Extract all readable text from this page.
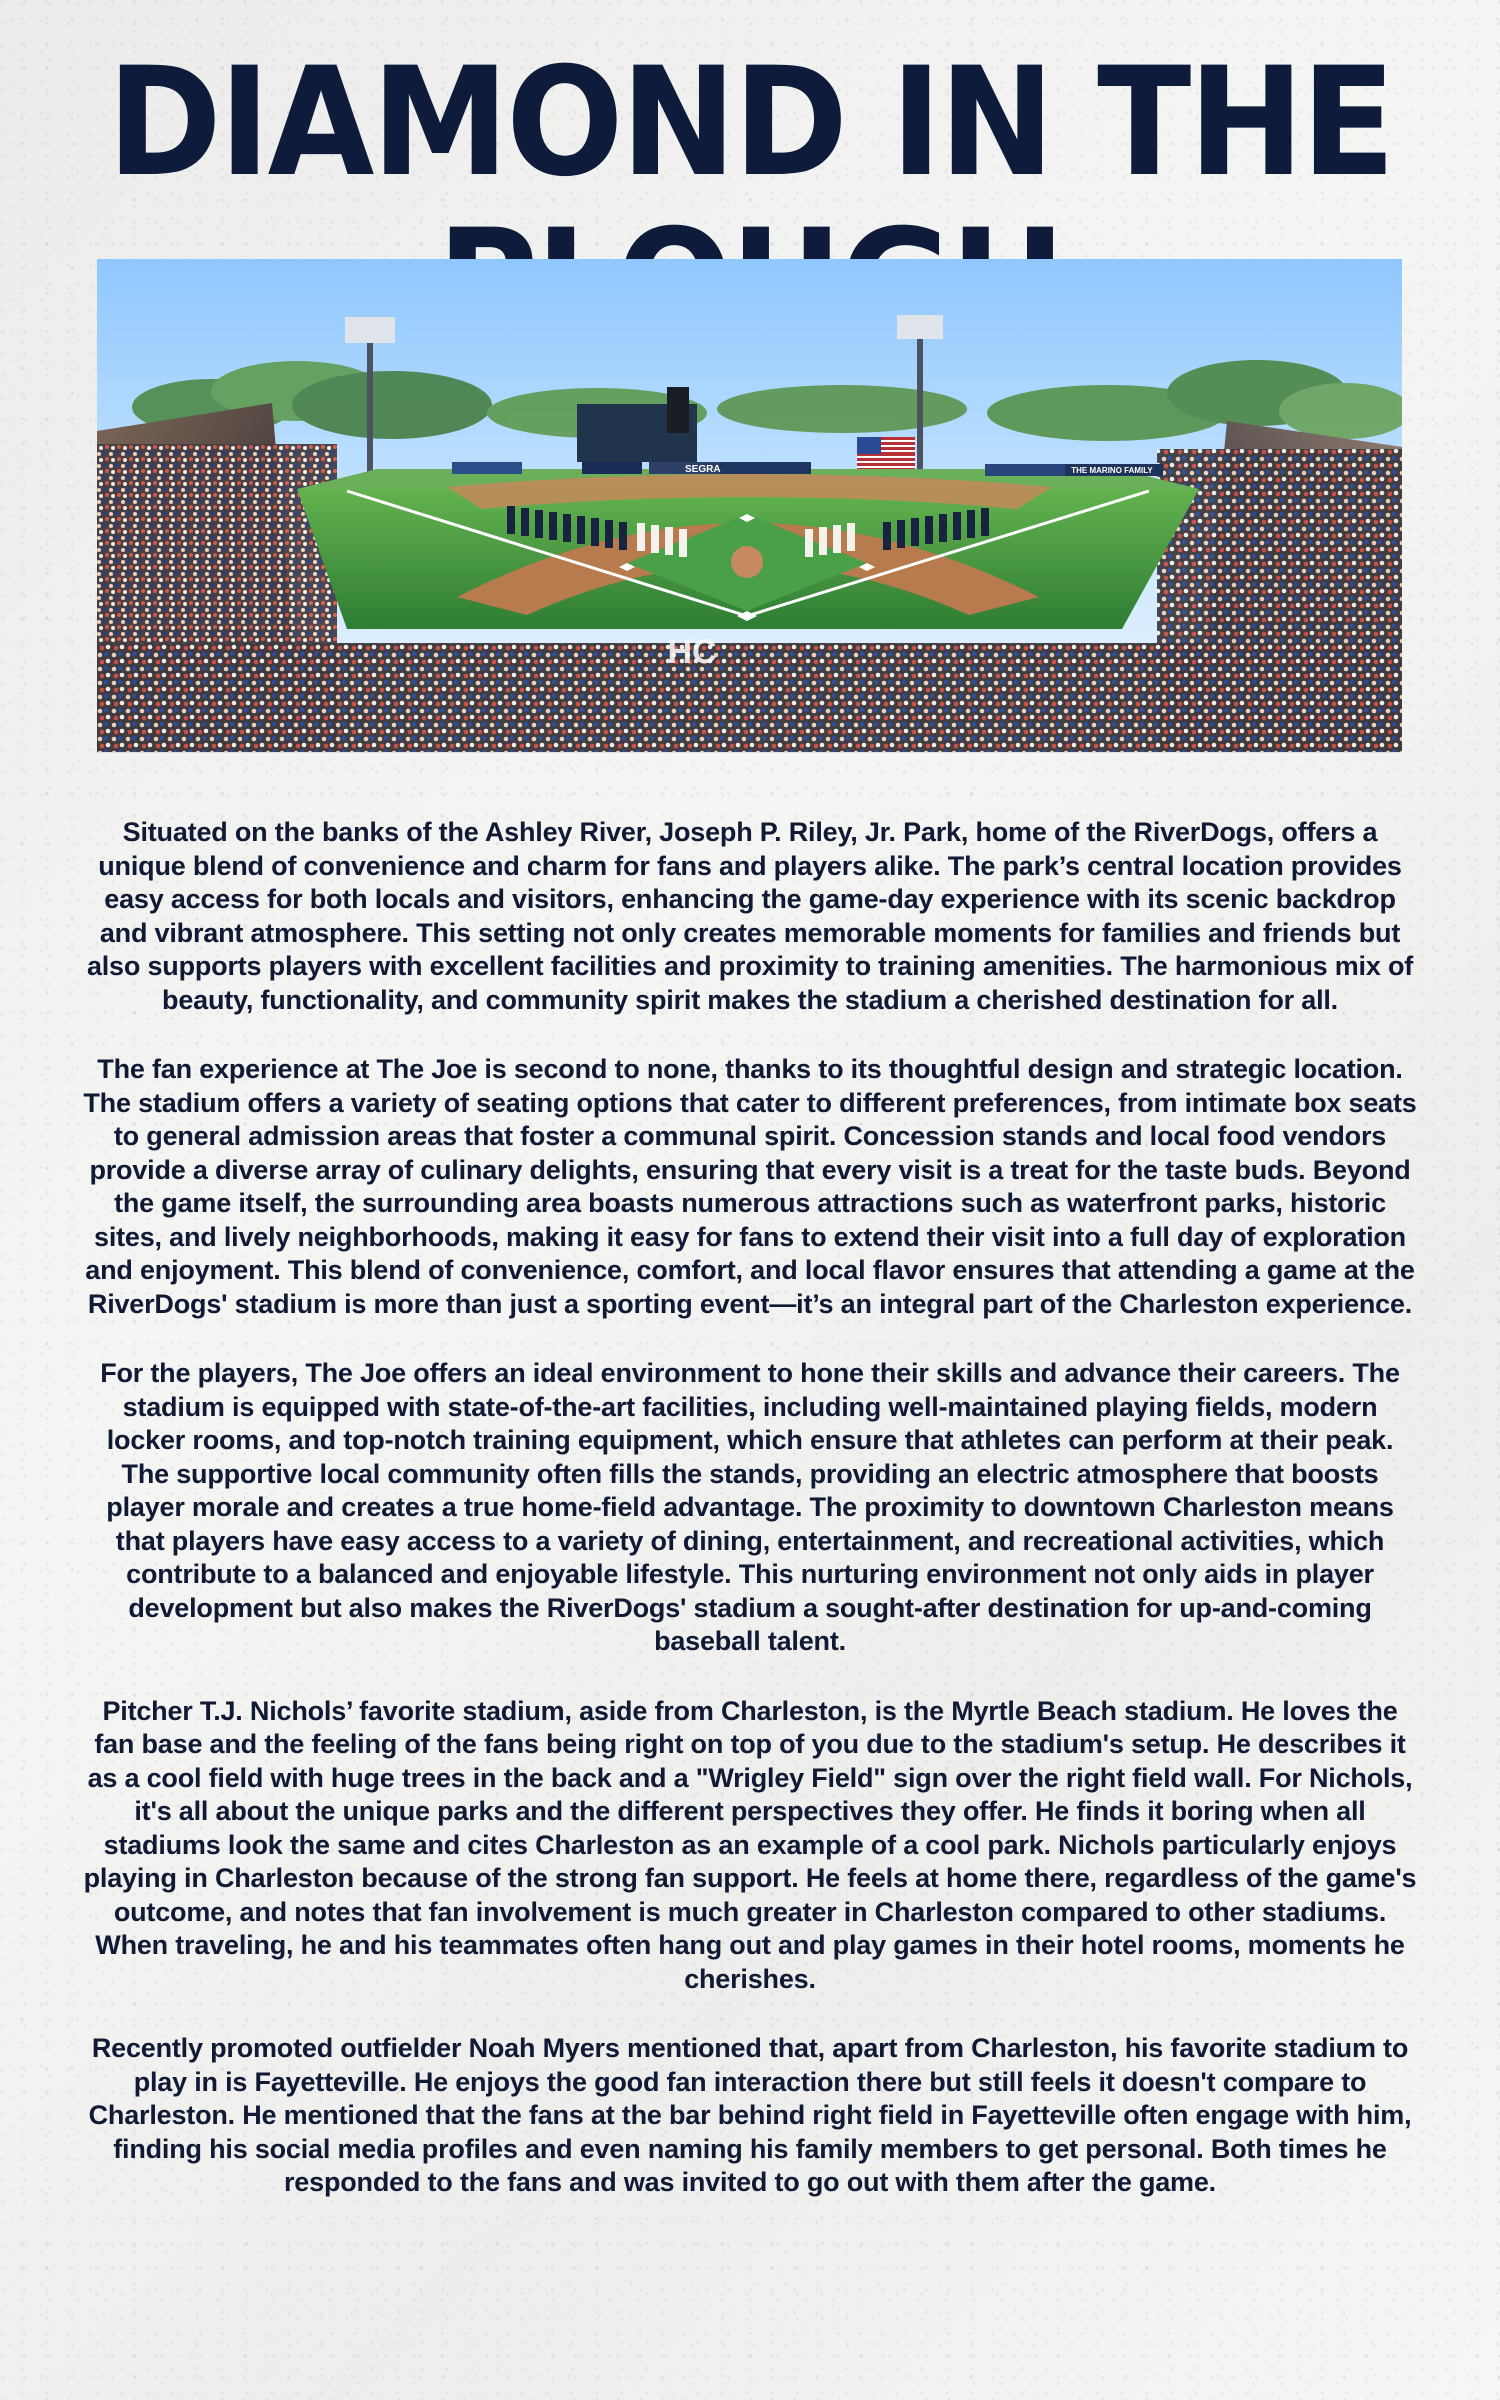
DIAMOND IN THE
SEGRA	THE MARINO FAMILY
HC

Situated on the banks of the Ashley River, Joseph P. Riley, Jr. Park, home of the RiverDogs, offers a unique blend of convenience and charm for fans and players alike. The park’s central location provides easy access for both locals and visitors, enhancing the game-day experience with its scenic backdrop and vibrant atmosphere. This setting not only creates memorable moments for families and friends but also supports players with excellent facilities and proximity to training amenities. The harmonious mix of beauty, functionality, and community spirit makes the stadium a cherished destination for all.

The fan experience at The Joe is second to none, thanks to its thoughtful design and strategic location. The stadium offers a variety of seating options that cater to different preferences, from intimate box seats to general admission areas that foster a communal spirit. Concession stands and local food vendors provide a diverse array of culinary delights, ensuring that every visit is a treat for the taste buds. Beyond the game itself, the surrounding area boasts numerous attractions such as waterfront parks, historic sites, and lively neighborhoods, making it easy for fans to extend their visit into a full day of exploration and enjoyment. This blend of convenience, comfort, and local flavor ensures that attending a game at the RiverDogs' stadium is more than just a sporting event—it’s an integral part of the Charleston experience.

For the players, The Joe offers an ideal environment to hone their skills and advance their careers. The stadium is equipped with state-of-the-art facilities, including well-maintained playing fields, modern locker rooms, and top-notch training equipment, which ensure that athletes can perform at their peak. The supportive local community often fills the stands, providing an electric atmosphere that boosts player morale and creates a true home-field advantage. The proximity to downtown Charleston means that players have easy access to a variety of dining, entertainment, and recreational activities, which contribute to a balanced and enjoyable lifestyle. This nurturing environment not only aids in player development but also makes the RiverDogs' stadium a sought-after destination for up-and-coming baseball talent.

Pitcher T.J. Nichols’ favorite stadium, aside from Charleston, is the Myrtle Beach stadium. He loves the fan base and the feeling of the fans being right on top of you due to the stadium's setup. He describes it as a cool field with huge trees in the back and a "Wrigley Field" sign over the right field wall. For Nichols, it's all about the unique parks and the different perspectives they offer. He finds it boring when all stadiums look the same and cites Charleston as an example of a cool park. Nichols particularly enjoys playing in Charleston because of the strong fan support. He feels at home there, regardless of the game's outcome, and notes that fan involvement is much greater in Charleston compared to other stadiums. When traveling, he and his teammates often hang out and play games in their hotel rooms, moments he cherishes.

Recently promoted outfielder Noah Myers mentioned that, apart from Charleston, his favorite stadium to play in is Fayetteville. He enjoys the good fan interaction there but still feels it doesn't compare to Charleston. He mentioned that the fans at the bar behind right field in Fayetteville often engage with him, finding his social media profiles and even naming his family members to get personal. Both times he responded to the fans and was invited to go out with them after the game.
